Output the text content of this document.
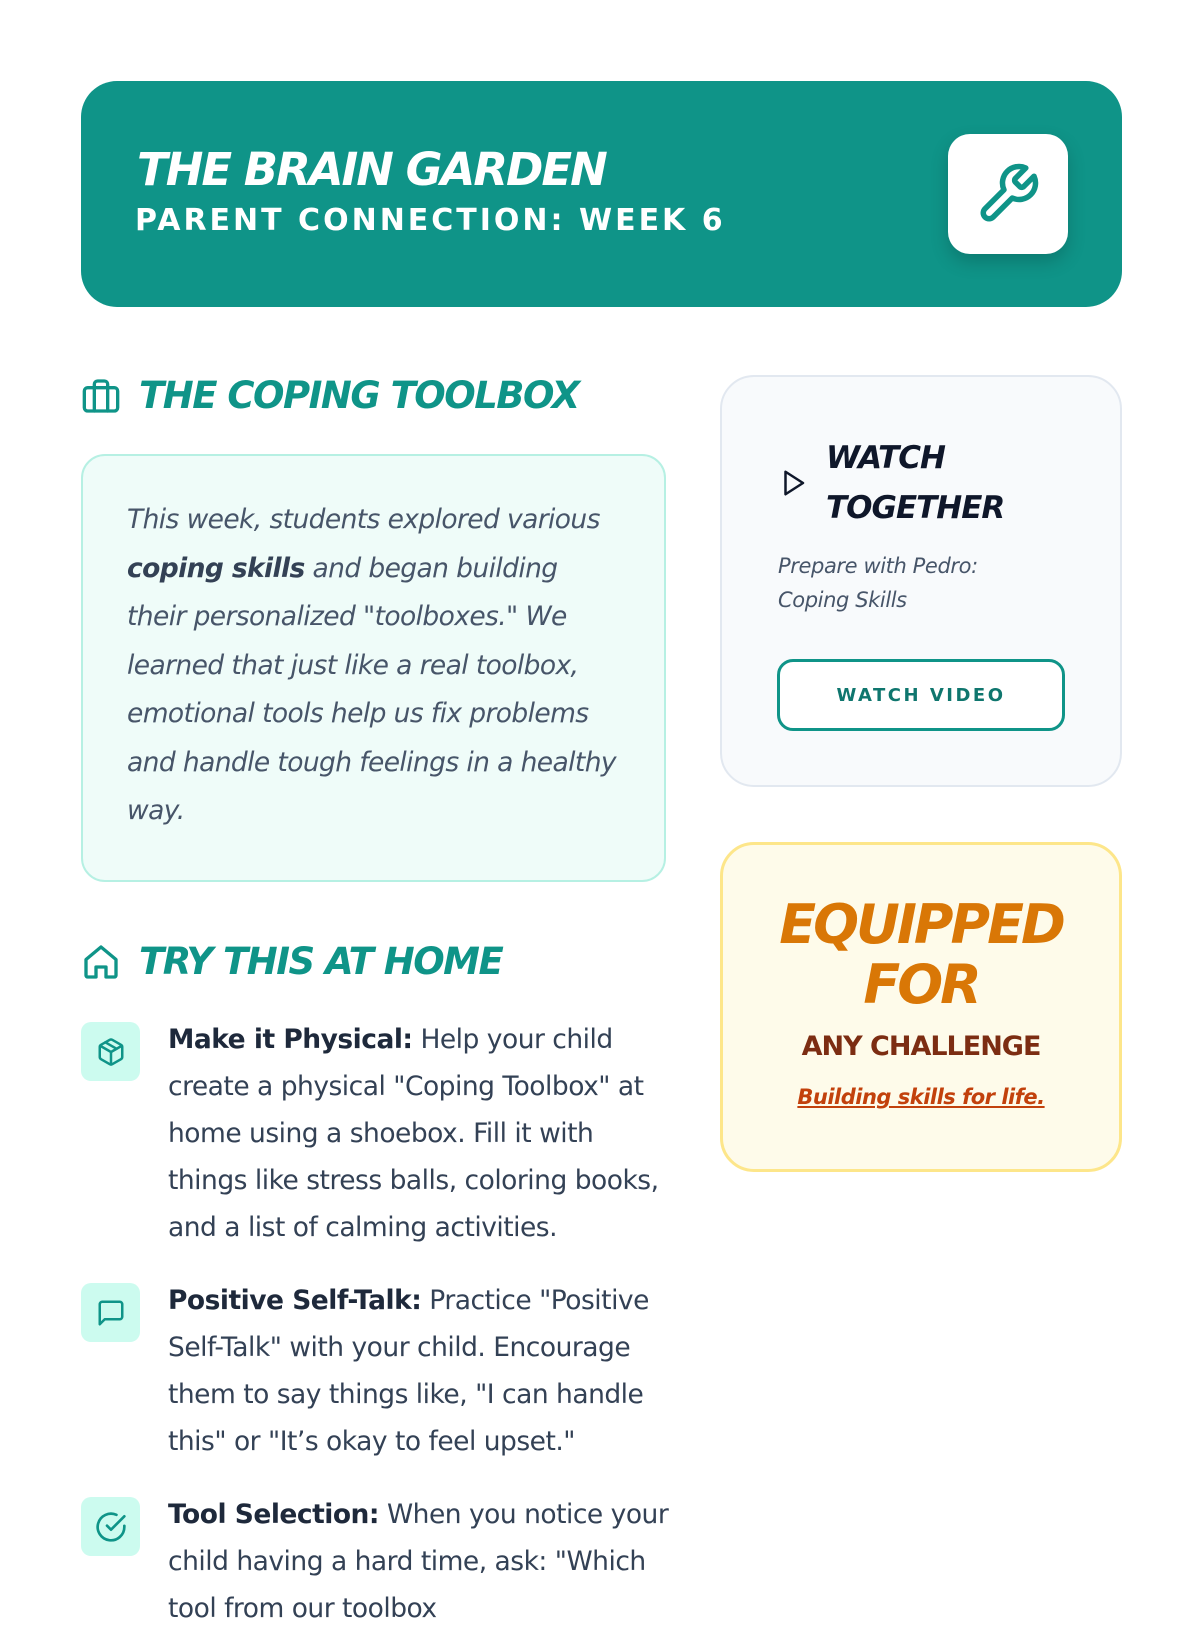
THE BRAIN GARDEN
PARENT CONNECTION: WEEK 6
THE COPING TOOLBOX

This week, students explored various coping skills and began building their personalized "toolboxes." We learned that just like a real toolbox, emotional tools help us fix problems and handle tough feelings in a healthy way.

TRY THIS AT HOME

Make it Physical: Help your child create a physical "Coping Toolbox" at home using a shoebox. Fill it with things like stress balls, coloring books, and a list of calming activities.

Positive Self-Talk: Practice "Positive Self-Talk" with your child. Encourage them to say things like, "I can handle this" or "It’s okay to feel upset."

Tool Selection: When you notice your child having a hard time, ask: "Which tool from our toolbox

WATCH TOGETHER
Prepare with Pedro: Coping Skills
WATCH VIDEO
EQUIPPED
FOR
ANY CHALLENGE
Building skills for life.
